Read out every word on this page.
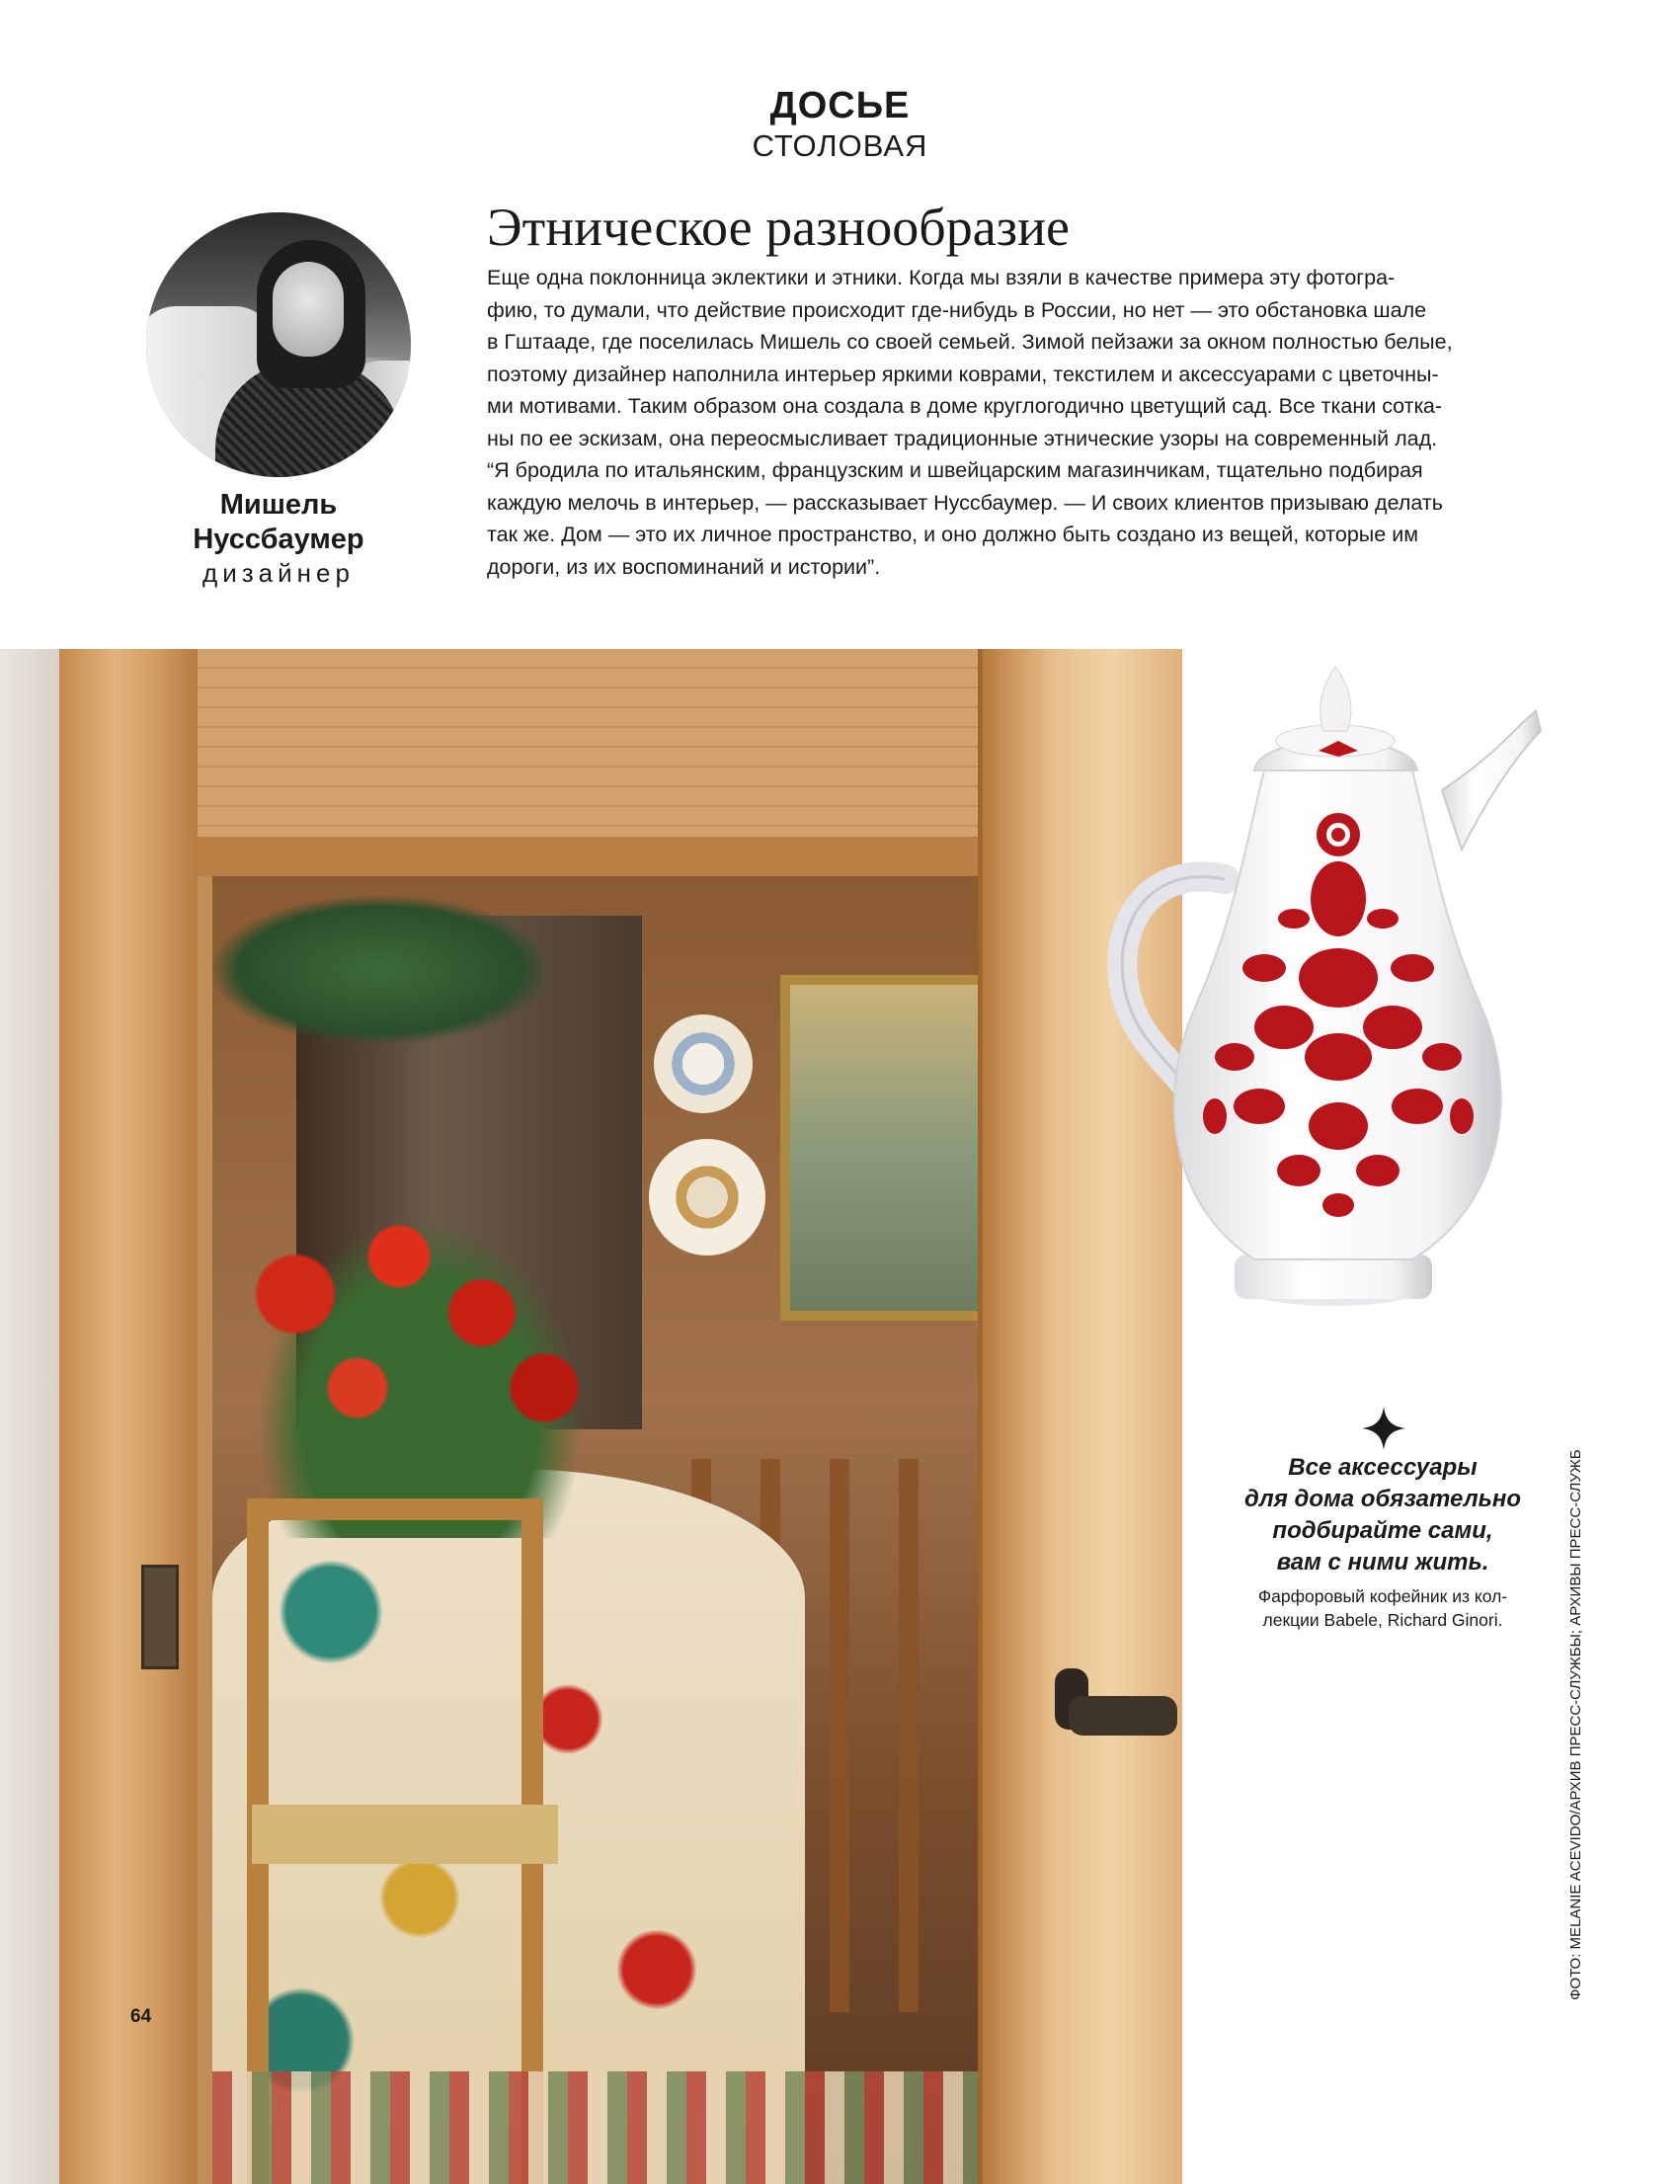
ДОСЬЕ
СТОЛОВАЯ
Мишель
Нуссбаумер
дизайнер
Этническое разнообразие
Еще одна поклонница эклектики и этники. Когда мы взяли в качестве примера эту фотогра-
фию, то думали, что действие происходит где-нибудь в России, но нет — это обстановка шале
в Гштааде, где поселилась Мишель со своей семьей. Зимой пейзажи за окном полностью белые,
поэтому дизайнер наполнила интерьер яркими коврами, текстилем и аксессуарами с цветочны-
ми мотивами. Таким образом она создала в доме круглогодично цветущий сад. Все ткани соткa-
ны по ее эскизам, она переосмысливает традиционные этнические узоры на современный лад.
“Я бродила по итальянским, французским и швейцарским магазинчикам, тщательно подбирая
каждую мелочь в интерьер, — рассказывает Нуссбаумер. — И своих клиентов призываю делать
так же. Дом — это их личное пространство, и оно должно быть создано из вещей, которые им
дороги, из их воспоминаний и истории”.
64
Все аксессуары
для дома обязательно
подбирайте сами,
вам с ними жить.
Фарфоровый кофейник из кол-
лекции Babele, Richard Ginori.	ФОТО: MELANIE ACEVIDO/АРХИВ ПРЕСС-СЛУЖБЫ; АРХИВЫ ПРЕСС-СЛУЖБ
